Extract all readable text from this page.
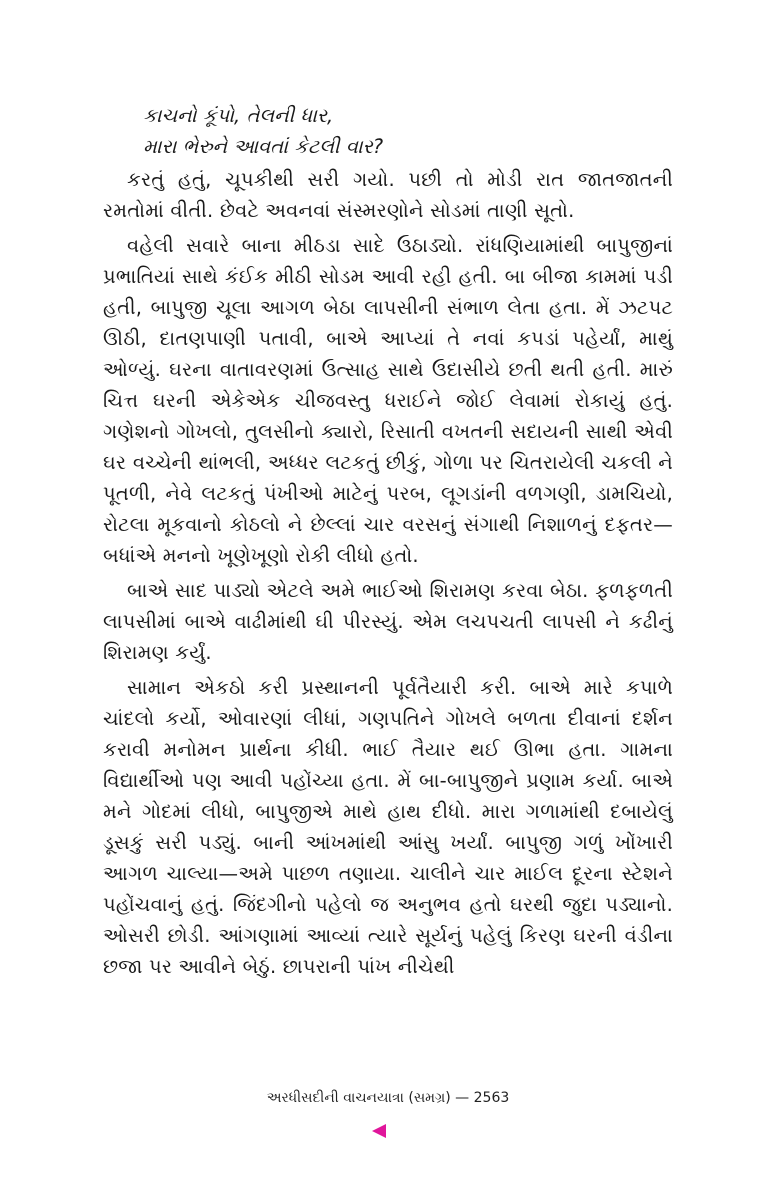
કાચનો કૂંપો, તેલની ધાર,
મારા ભેરુને આવતાં કેટલી વાર?

કરતું હતું, ચૂપકીથી સરી ગયો. પછી તો મોડી રાત જાતજાતની રમતોમાં વીતી. છેવટે અવનવાં સંસ્મરણોને સોડમાં તાણી સૂતો.

વહેલી સવારે બાના મીઠડા સાદે ઉઠાડ્યો. રાંધણિયામાંથી બાપુજીનાં પ્રભાતિયાં સાથે કંઈક મીઠી સોડમ આવી રહી હતી. બા બીજા કામમાં પડી હતી, બાપુજી ચૂલા આગળ બેઠા લાપસીની સંભાળ લેતા હતા. મેં ઝટપટ ઊઠી, દાતણપાણી પતાવી, બાએ આપ્યાં તે નવાં કપડાં પહેર્યાં, માથું ઓળ્યું. ઘરના વાતાવરણમાં ઉત્સાહ સાથે ઉદાસીયે છતી થતી હતી. મારું ચિત્ત ઘરની એકેએક ચીજવસ્તુ ધરાઈને જોઈ લેવામાં રોકાયું હતું. ગણેશનો ગોખલો, તુલસીનો ક્યારો, રિસાતી વખતની સદાયની સાથી એવી ઘર વચ્ચેની થાંભલી, અધ્ધર લટકતું છીકું, ગોળા પર ચિતરાયેલી ચકલી ને પૂતળી, નેવે લટકતું પંખીઓ માટેનું પરબ, લૂગડાંની વળગણી, ડામચિયો, રોટલા મૂકવાનો કોઠલો ને છેલ્લાં ચાર વરસનું સંગાથી નિશાળનું દફતર—બધાંએ મનનો ખૂણેખૂણો રોકી લીધો હતો.

બાએ સાદ પાડ્યો એટલે અમે ભાઈઓ શિરામણ કરવા બેઠા. ફળફળતી લાપસીમાં બાએ વાઢીમાંથી ઘી પીરસ્યું. એમ લચપચતી લાપસી ને કઢીનું શિરામણ કર્યું.

સામાન એકઠો કરી પ્રસ્થાનની પૂર્વતૈયારી કરી. બાએ મારે કપાળે ચાંદલો કર્યો, ઓવારણાં લીધાં, ગણપતિને ગોખલે બળતા દીવાનાં દર્શન કરાવી મનોમન પ્રાર્થના કીધી. ભાઈ તૈયાર થઈ ઊભા હતા. ગામના વિદ્યાર્થીઓ પણ આવી પહોંચ્યા હતા. મેં બા-બાપુજીને પ્રણામ કર્યા. બાએ મને ગોદમાં લીધો, બાપુજીએ માથે હાથ દીધો. મારા ગળામાંથી દબાયેલું ડૂસકું સરી પડ્યું. બાની આંખમાંથી આંસુ ખર્યાં. બાપુજી ગળું ખોંખારી આગળ ચાલ્યા—અમે પાછળ તણાયા. ચાલીને ચાર માઈલ દૂરના સ્ટેશને પહોંચવાનું હતું. જિંદગીનો પહેલો જ અનુભવ હતો ઘરથી જુદા પડ્યાનો. ઓસરી છોડી. આંગણામાં આવ્યાં ત્યારે સૂર્યનું પહેલું કિરણ ઘરની વંડીના છજા પર આવીને બેઠું. છાપરાની પાંખ નીચેથી

અરધીસદીની વાચનયાત્રા (સમગ્ર) — 2563
